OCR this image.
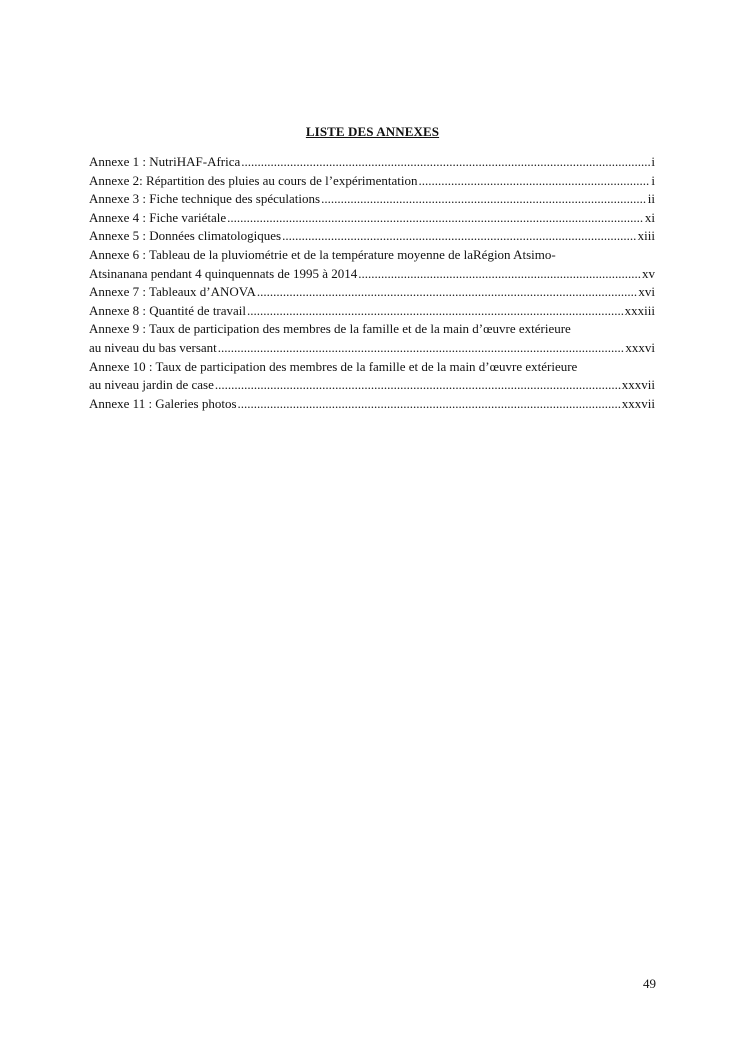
LISTE DES ANNEXES
Annexe 1 : NutriHAF-Africa .....	i
Annexe 2: Répartition des pluies au cours de l’expérimentation .....	i
Annexe 3 : Fiche technique des spéculations .....	ii
Annexe 4 : Fiche variétale .....	xi
Annexe 5 : Données climatologiques .....	xiii
Annexe 6 : Tableau de la pluviométrie et de la température moyenne de laRégion Atsimo-
Atsinanana pendant 4 quinquennats de 1995 à 2014 .....	xv
Annexe 7 : Tableaux d’ANOVA .....	xvi
Annexe 8 : Quantité de travail .....	xxxiii
Annexe 9 : Taux de participation des membres de la famille et de la main d’œuvre extérieure
au niveau du bas versant .....	xxxvi
Annexe 10 : Taux de participation des membres de la famille et de la main d’œuvre extérieure
au niveau jardin de case .....	xxxvii
Annexe 11 : Galeries photos .....	xxxvii
49
